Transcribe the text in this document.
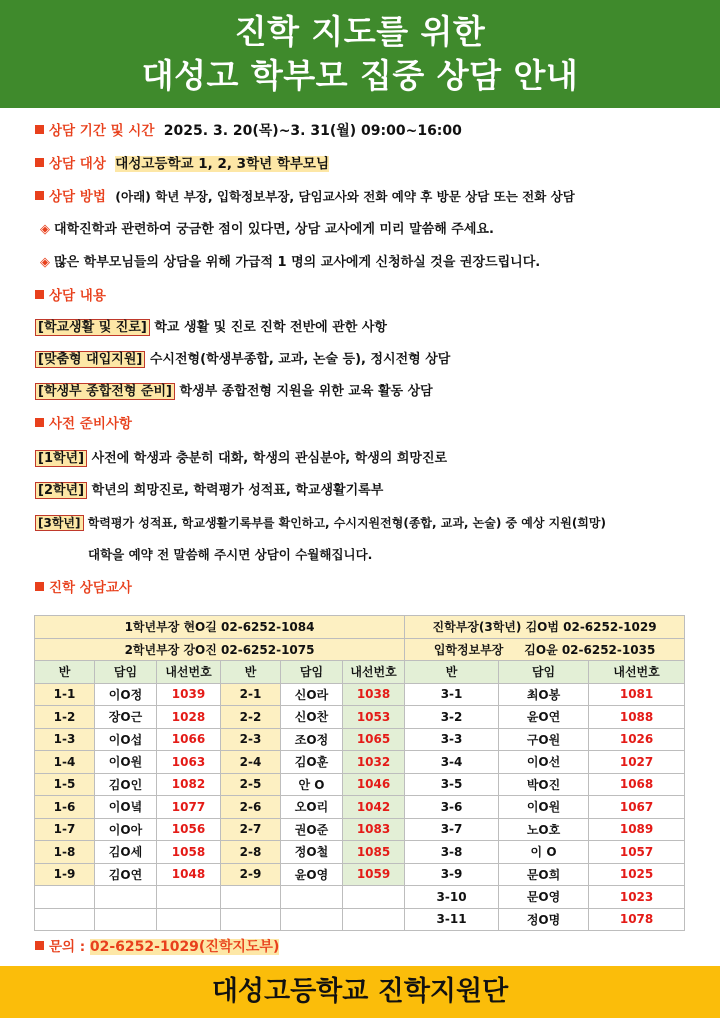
진학 지도를 위한
대성고 학부모 집중 상담 안내
상담 기간 및 시간 2025. 3. 20(목)~3. 31(월) 09:00~16:00
상담 대상 대성고등학교 1, 2, 3학년 학부모님
상담 방법 (아래) 학년 부장, 입학정보부장, 담임교사와 전화 예약 후 방문 상담 또는 전화 상담
◈ 대학진학과 관련하여 궁금한 점이 있다면, 상담 교사에게 미리 말씀해 주세요.
◈ 많은 학부모님들의 상담을 위해 가급적 1 명의 교사에게 신청하실 것을 권장드립니다.
상담 내용
[학교생활 및 진로] 학교 생활 및 진로 진학 전반에 관한 사항
[맞춤형 대입지원] 수시전형(학생부종합, 교과, 논술 등), 정시전형 상담
[학생부 종합전형 준비] 학생부 종합전형 지원을 위한 교육 활동 상담
사전 준비사항
[1학년] 사전에 학생과 충분히 대화, 학생의 관심분야, 학생의 희망진로
[2학년] 학년의 희망진로, 학력평가 성적표, 학교생활기록부
[3학년] 학력평가 성적표, 학교생활기록부를 확인하고, 수시지원전형(종합, 교과, 논술) 중 예상 지원(희망)
대학을 예약 전 말씀해 주시면 상담이 수월해집니다.
진학 상담교사
1학년부장 현O길 02-6252-1084						진학부장(3학년) 김O범 02-6252-1029		
2학년부장 강O진 02-6252-1075						입학정보부장     김O윤 02-6252-1035		
반	담임	내선번호	반	담임	내선번호	반	담임	내선번호
1-1	이O정	1039	2-1	신O라	1038	3-1	최O봉	1081
1-2	장O근	1028	2-2	신O찬	1053	3-2	윤O연	1088
1-3	이O섭	1066	2-3	조O정	1065	3-3	구O원	1026
1-4	이O원	1063	2-4	김O훈	1032	3-4	이O선	1027
1-5	김O인	1082	2-5	안 O	1046	3-5	박O진	1068
1-6	이O녘	1077	2-6	오O리	1042	3-6	이O원	1067
1-7	이O아	1056	2-7	권O준	1083	3-7	노O호	1089
1-8	김O세	1058	2-8	정O철	1085	3-8	이 O	1057
1-9	김O연	1048	2-9	윤O영	1059	3-9	문O희	1025
						3-10	문O영	1023
						3-11	정O명	1078
문의 : 02-6252-1029(진학지도부)
대성고등학교 진학지원단
